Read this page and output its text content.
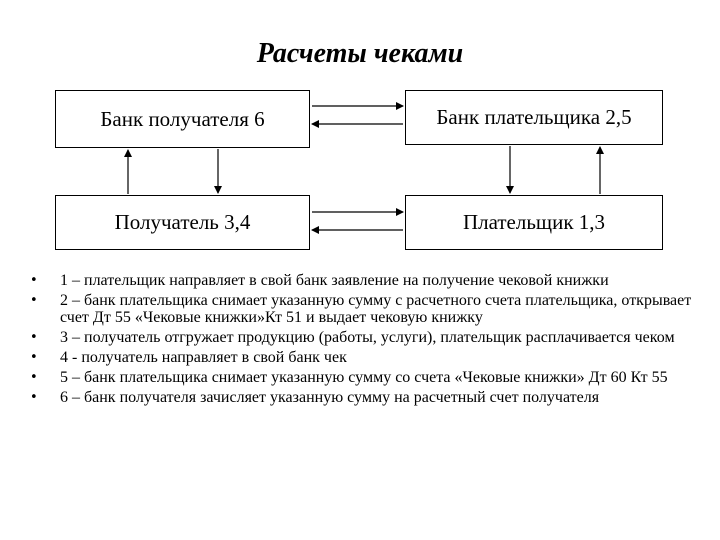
Расчеты чеками
Банк получателя 6	Банк плательщика 2,5
Получатель 3,4	Плательщик 1,3
• 1 – плательщик направляет в свой банк заявление на получение чековой книжки
• 2 – банк плательщика снимает указанную сумму с расчетного счета плательщика, открывает счет Дт 55 «Чековые книжки»Кт 51 и выдает чековую книжку
• 3 – получатель отгружает продукцию (работы, услуги), плательщик расплачивается чеком
• 4 - получатель направляет в свой банк чек
• 5 – банк плательщика снимает указанную сумму со счета «Чековые книжки» Дт 60 Кт 55
• 6 – банк получателя зачисляет указанную сумму на расчетный счет получателя
